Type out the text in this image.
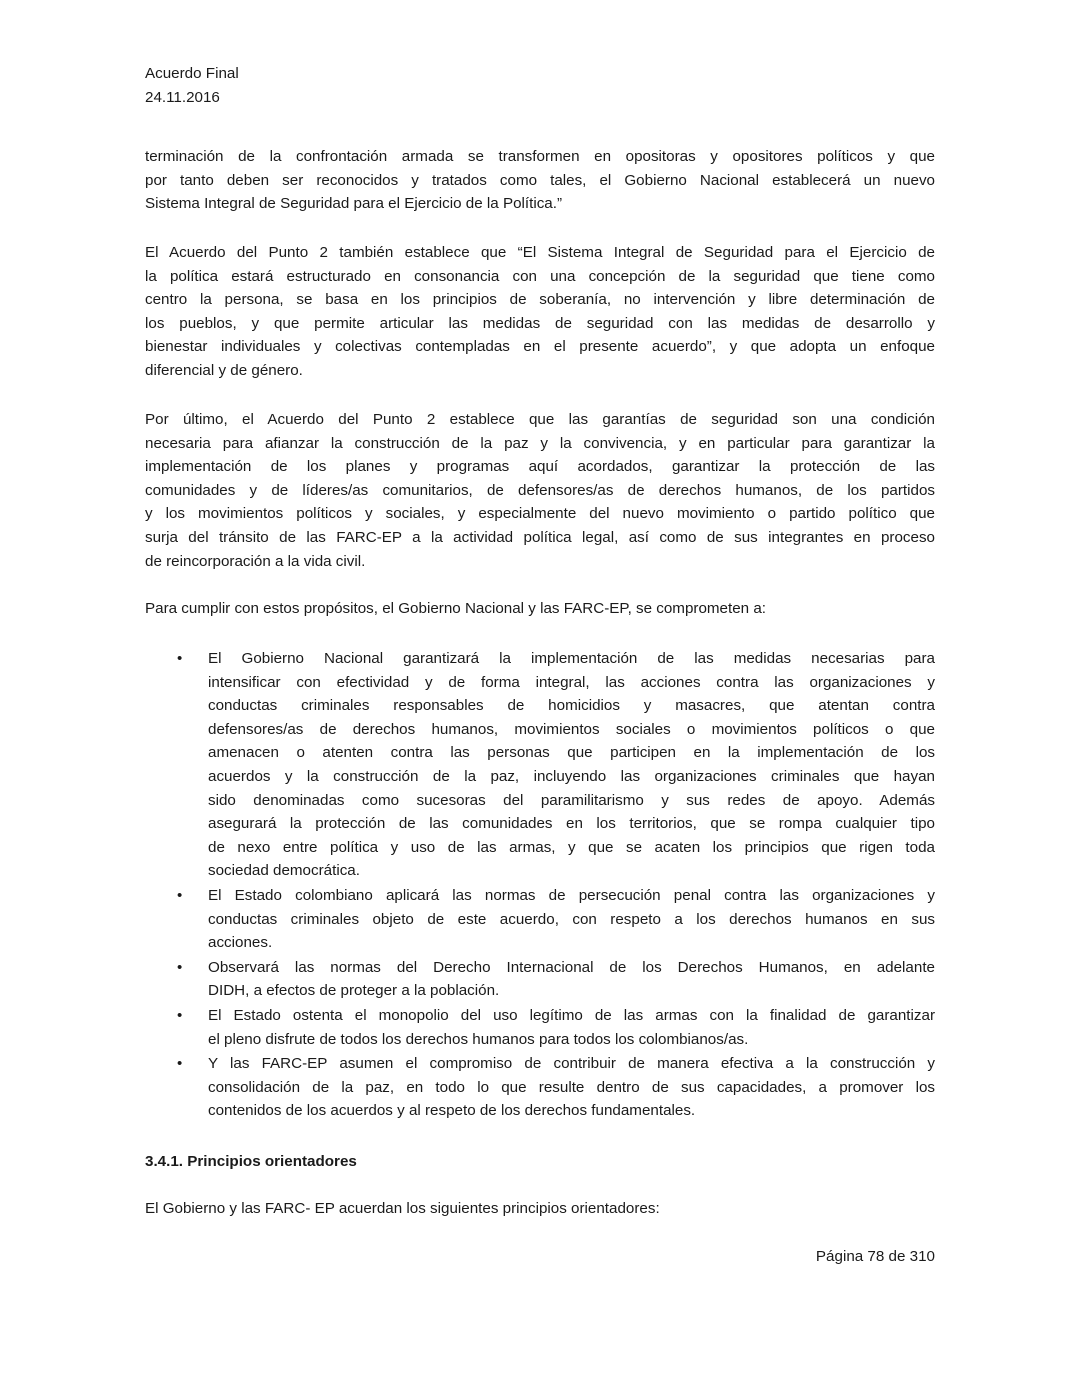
Acuerdo Final
24.11.2016
3.4.1. Principios orientadores
El Gobierno y las FARC- EP acuerdan los siguientes principios orientadores:
Página 78 de 310
terminación de la confrontación armada se transformen en opositoras y opositores políticos y que
por tanto deben ser reconocidos y tratados como tales, el Gobierno Nacional establecerá un nuevo
Sistema Integral de Seguridad para el Ejercicio de la Política.”
El Acuerdo del Punto 2 también establece que “El Sistema Integral de Seguridad para el Ejercicio de
la política estará estructurado en consonancia con una concepción de la seguridad que tiene como
centro la persona, se basa en los principios de soberanía, no intervención y libre determinación de
los pueblos, y que permite articular las medidas de seguridad con las medidas de desarrollo y
bienestar individuales y colectivas contempladas en el presente acuerdo”, y que adopta un enfoque
diferencial y de género.
Por último, el Acuerdo del Punto 2 establece que las garantías de seguridad son una condición
necesaria para afianzar la construcción de la paz y la convivencia, y en particular para garantizar la
implementación de los planes y programas aquí acordados, garantizar la protección de las
comunidades y de líderes/as comunitarios, de defensores/as de derechos humanos, de los partidos
y los movimientos políticos y sociales, y especialmente del nuevo movimiento o partido político que
surja del tránsito de las FARC-EP a la actividad política legal, así como de sus integrantes en proceso
de reincorporación a la vida civil.
Para cumplir con estos propósitos, el Gobierno Nacional y las FARC-EP, se comprometen a:
• El Gobierno Nacional garantizará la implementación de las medidas necesarias para
intensificar con efectividad y de forma integral, las acciones contra las organizaciones y
conductas criminales responsables de homicidios y masacres, que atentan contra
defensores/as de derechos humanos, movimientos sociales o movimientos políticos o que
amenacen o atenten contra las personas que participen en la implementación de los
acuerdos y la construcción de la paz, incluyendo las organizaciones criminales que hayan
sido denominadas como sucesoras del paramilitarismo y sus redes de apoyo. Además
asegurará la protección de las comunidades en los territorios, que se rompa cualquier tipo
de nexo entre política y uso de las armas, y que se acaten los principios que rigen toda
sociedad democrática.
• El Estado colombiano aplicará las normas de persecución penal contra las organizaciones y
conductas criminales objeto de este acuerdo, con respeto a los derechos humanos en sus
acciones.
• Observará las normas del Derecho Internacional de los Derechos Humanos, en adelante
DIDH, a efectos de proteger a la población.
• El Estado ostenta el monopolio del uso legítimo de las armas con la finalidad de garantizar
el pleno disfrute de todos los derechos humanos para todos los colombianos/as.
• Y las FARC-EP asumen el compromiso de contribuir de manera efectiva a la construcción y
consolidación de la paz, en todo lo que resulte dentro de sus capacidades, a promover los
contenidos de los acuerdos y al respeto de los derechos fundamentales.
